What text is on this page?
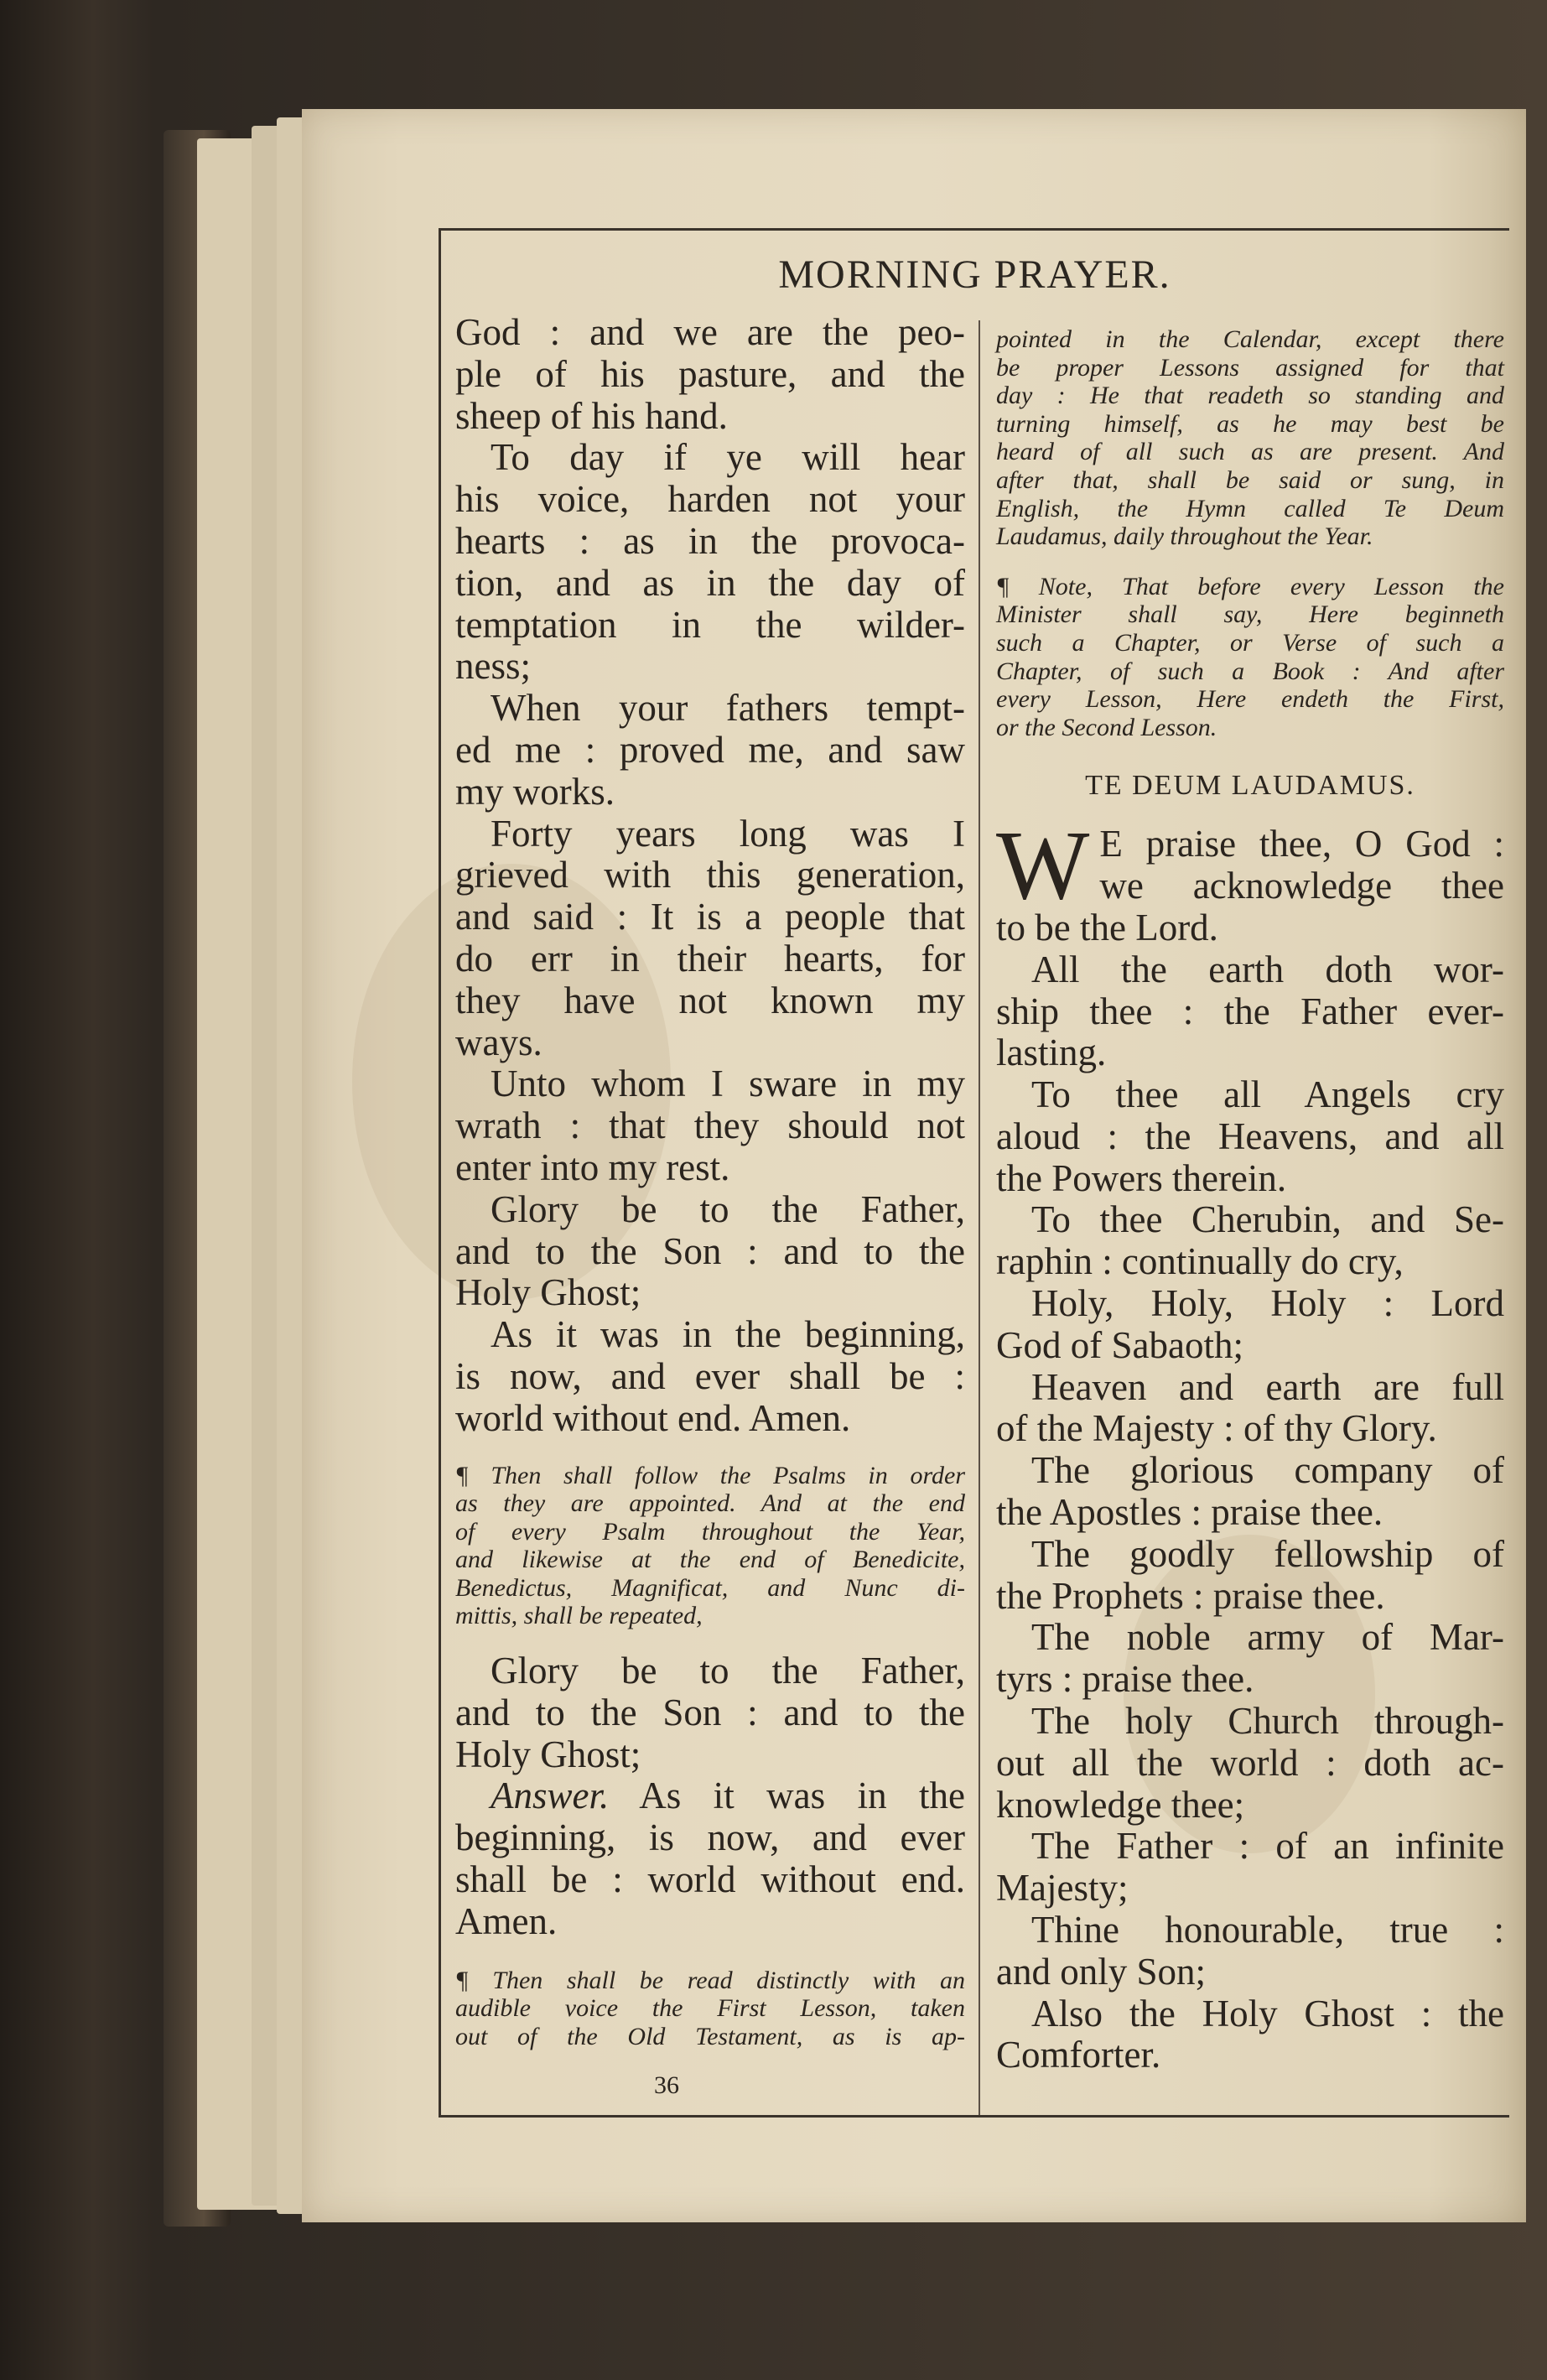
MORNING PRAYER.

God : and we are the peo-
ple of his pasture, and the
sheep of his hand.

To day if ye will hear
his voice, harden not your
hearts : as in the provoca-
tion, and as in the day of
temptation in the wilder-
ness;

When your fathers tempt-
ed me : proved me, and saw
my works.

Forty years long was I
grieved with this generation,
and said : It is a people that
do err in their hearts, for
they have not known my
ways.

Unto whom I sware in my
wrath : that they should not
enter into my rest.

Glory be to the Father,
and to the Son : and to the
Holy Ghost;

As it was in the beginning,
is now, and ever shall be :
world without end. Amen.

¶ Then shall follow the Psalms in order
as they are appointed. And at the end
of every Psalm throughout the Year,
and likewise at the end of Benedicite,
Benedictus, Magnificat, and Nunc di-
mittis, shall be repeated,

Glory be to the Father,
and to the Son : and to the
Holy Ghost;

Answer. As it was in the
beginning, is now, and ever
shall be : world without end.
Amen.

¶ Then shall be read distinctly with an
audible voice the First Lesson, taken
out of the Old Testament, as is ap-

36

pointed in the Calendar, except there
be proper Lessons assigned for that
day : He that readeth so standing and
turning himself, as he may best be
heard of all such as are present. And
after that, shall be said or sung, in
English, the Hymn called Te Deum
Laudamus, daily throughout the Year.

¶ Note, That before every Lesson the
Minister shall say, Here beginneth
such a Chapter, or Verse of such a
Chapter, of such a Book : And after
every Lesson, Here endeth the First,
or the Second Lesson.

TE DEUM LAUDAMUS.
W E praise thee, O God :
we acknowledge thee
to be the Lord.

All the earth doth wor-
ship thee : the Father ever-
lasting.

To thee all Angels cry
aloud : the Heavens, and all
the Powers therein.

To thee Cherubin, and Se-
raphin : continually do cry,

Holy, Holy, Holy : Lord
God of Sabaoth;

Heaven and earth are full
of the Majesty : of thy Glory.

The glorious company of
the Apostles : praise thee.

The goodly fellowship of
the Prophets : praise thee.

The noble army of Mar-
tyrs : praise thee.

The holy Church through-
out all the world : doth ac-
knowledge thee;

The Father : of an infinite
Majesty;

Thine honourable, true :
and only Son;

Also the Holy Ghost : the
Comforter.
